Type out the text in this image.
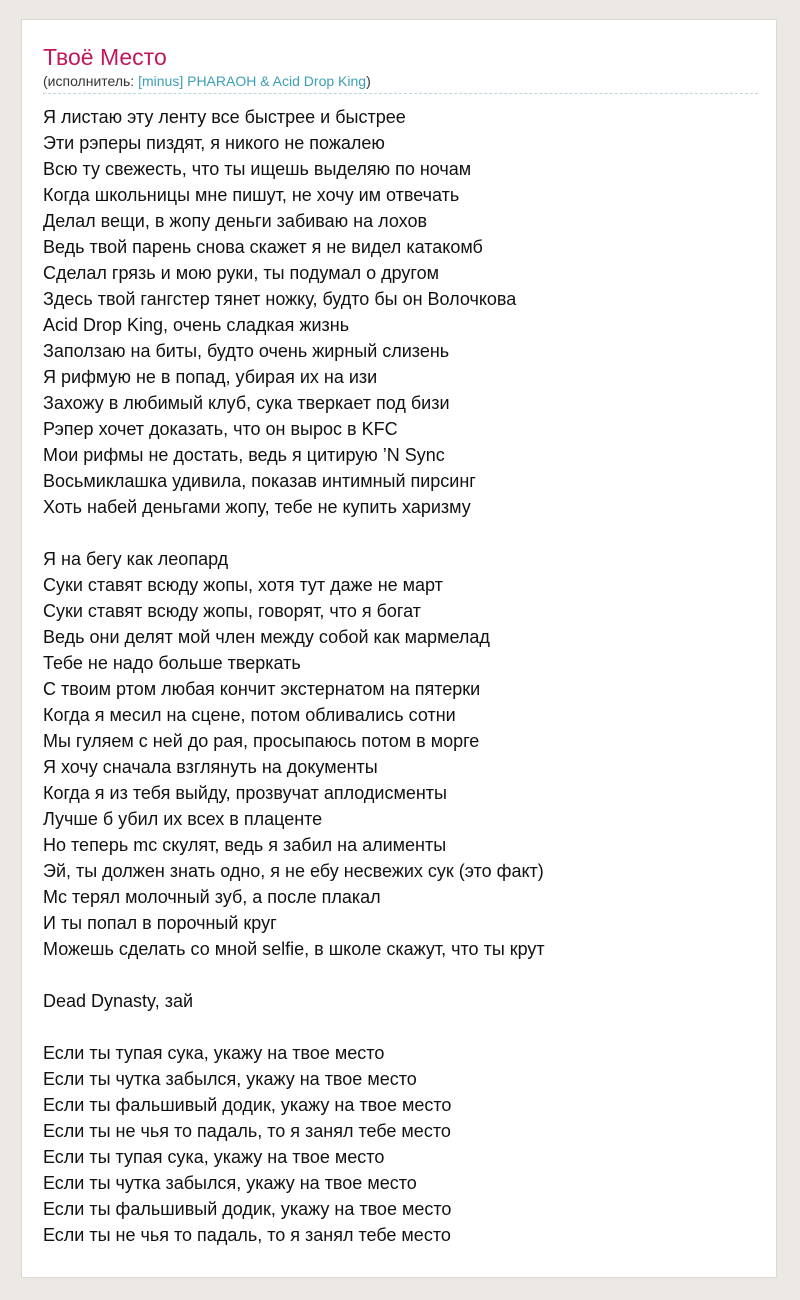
Твоё Место
(исполнитель: [minus] PHARAOH & Acid Drop King)
Я листаю эту ленту все быстрее и быстрее
Эти рэперы пиздят, я никого не пожалею
Всю ту свежесть, что ты ищешь выделяю по ночам
Когда школьницы мне пишут, не хочу им отвечать
Делал вещи, в жопу деньги забиваю на лохов
Ведь твой парень снова скажет я не видел катакомб
Сделал грязь и мою руки, ты подумал о другом
Здесь твой гангстер тянет ножку, будто бы он Волочкова
Acid Drop King, очень сладкая жизнь
Заползаю на биты, будто очень жирный слизень
Я рифмую не в попад, убирая их на изи
Захожу в любимый клуб, сука тверкает под бизи
Рэпер хочет доказать, что он вырос в KFC
Мои рифмы не достать, ведь я цитирую ’N Sync
Восьмиклашка удивила, показав интимный пирсинг
Хоть набей деньгами жопу, тебе не купить харизму
Я на бегу как леопард
Суки ставят всюду жопы, хотя тут даже не март
Суки ставят всюду жопы, говорят, что я богат
Ведь они делят мой член между собой как мармелад
Тебе не надо больше тверкать
С твоим ртом любая кончит экстернатом на пятерки
Когда я месил на сцене, потом обливались сотни
Мы гуляем с ней до рая, просыпаюсь потом в морге
Я хочу сначала взглянуть на документы
Когда я из тебя выйду, прозвучат аплодисменты
Лучше б убил их всех в плаценте
Но теперь mc скулят, ведь я забил на алименты
Эй, ты должен знать одно, я не ебу несвежих сук (это факт)
Mc терял молочный зуб, а после плакал
И ты попал в порочный круг
Можешь сделать со мной selfie, в школе скажут, что ты крут
Dead Dynasty, зай
Если ты тупая сука, укажу на твое место
Если ты чутка забылся, укажу на твое место
Если ты фальшивый додик, укажу на твое место
Если ты не чья то падаль, то я занял тебе место
Если ты тупая сука, укажу на твое место
Если ты чутка забылся, укажу на твое место
Если ты фальшивый додик, укажу на твое место
Если ты не чья то падаль, то я занял тебе место
